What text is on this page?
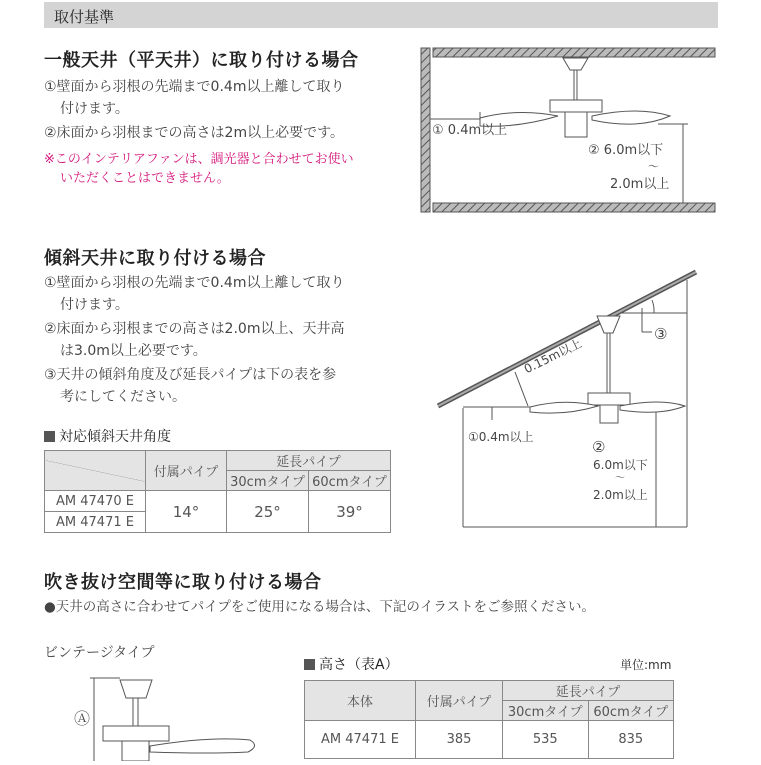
取付基準
一般天井（平天井）に取り付ける場合
①壁面から羽根の先端まで0.4m以上離して取り
付けます。
②床面から羽根までの高さは2m以上必要です。
※このインテリアファンは、調光器と合わせてお使い
いただくことはできません。
① 0.4m以上
② 6.0m以下
～
2.0m以上
傾斜天井に取り付ける場合
①壁面から羽根の先端まで0.4m以上離して取り
付けます。
②床面から羽根までの高さは2.0m以上、天井高
は3.0m以上必要です。
③天井の傾斜角度及び延長パイプは下の表を参
考にしてください。
対応傾斜天井角度
	付属パイプ	延長パイプ	
		30cmタイプ	60cmタイプ
AM 47470 E	14°	25°	39°
AM 47471 E			
0.15m以上
③
①0.4m以上
②
6.0m以下
～
2.0m以上
吹き抜け空間等に取り付ける場合
●天井の高さに合わせてパイプをご使用になる場合は、下記のイラストをご参照ください。
ビンテージタイプ
Ⓐ
高さ（表A）	単位:mm
本体	付属パイプ	延長パイプ	
		30cmタイプ	60cmタイプ
AM 47471 E	385	535	835
